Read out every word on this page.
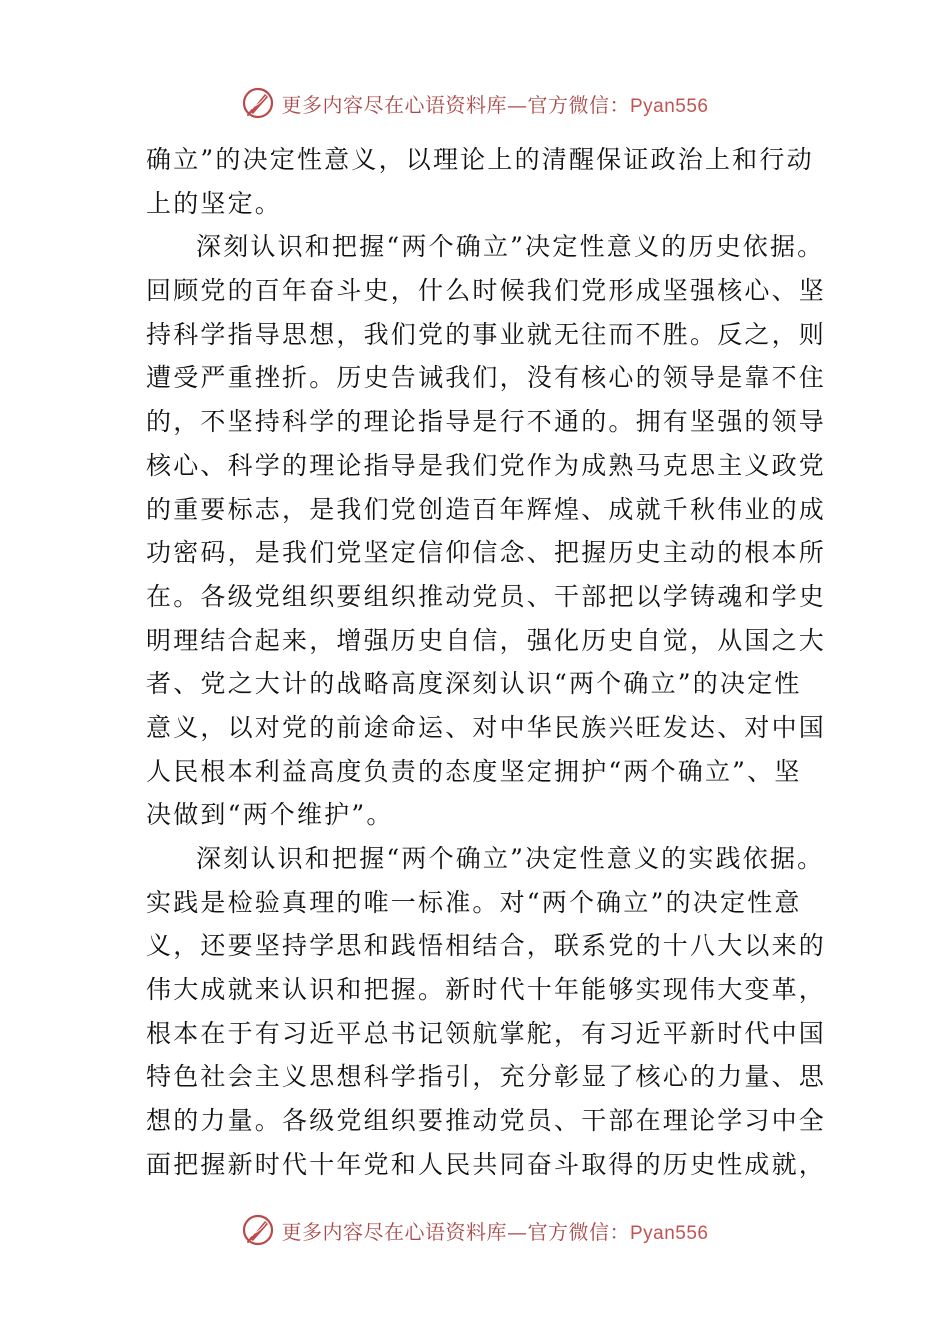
更多内容尽在心语资料库—官方微信：Pyan556
确立”的决定性意义，以理论上的清醒保证政治上和行动
上的坚定。
深刻认识和把握“两个确立”决定性意义的历史依据。
回顾党的百年奋斗史，什么时候我们党形成坚强核心、坚
持科学指导思想，我们党的事业就无往而不胜。反之，则
遭受严重挫折。历史告诫我们，没有核心的领导是靠不住
的，不坚持科学的理论指导是行不通的。拥有坚强的领导
核心、科学的理论指导是我们党作为成熟马克思主义政党
的重要标志，是我们党创造百年辉煌、成就千秋伟业的成
功密码，是我们党坚定信仰信念、把握历史主动的根本所
在。各级党组织要组织推动党员、干部把以学铸魂和学史
明理结合起来，增强历史自信，强化历史自觉，从国之大
者、党之大计的战略高度深刻认识“两个确立”的决定性
意义，以对党的前途命运、对中华民族兴旺发达、对中国
人民根本利益高度负责的态度坚定拥护“两个确立”、坚
决做到“两个维护”。
深刻认识和把握“两个确立”决定性意义的实践依据。
实践是检验真理的唯一标准。对“两个确立”的决定性意
义，还要坚持学思和践悟相结合，联系党的十八大以来的
伟大成就来认识和把握。新时代十年能够实现伟大变革，
根本在于有习近平总书记领航掌舵，有习近平新时代中国
特色社会主义思想科学指引，充分彰显了核心的力量、思
想的力量。各级党组织要推动党员、干部在理论学习中全
面把握新时代十年党和人民共同奋斗取得的历史性成就，
更多内容尽在心语资料库—官方微信：Pyan556
